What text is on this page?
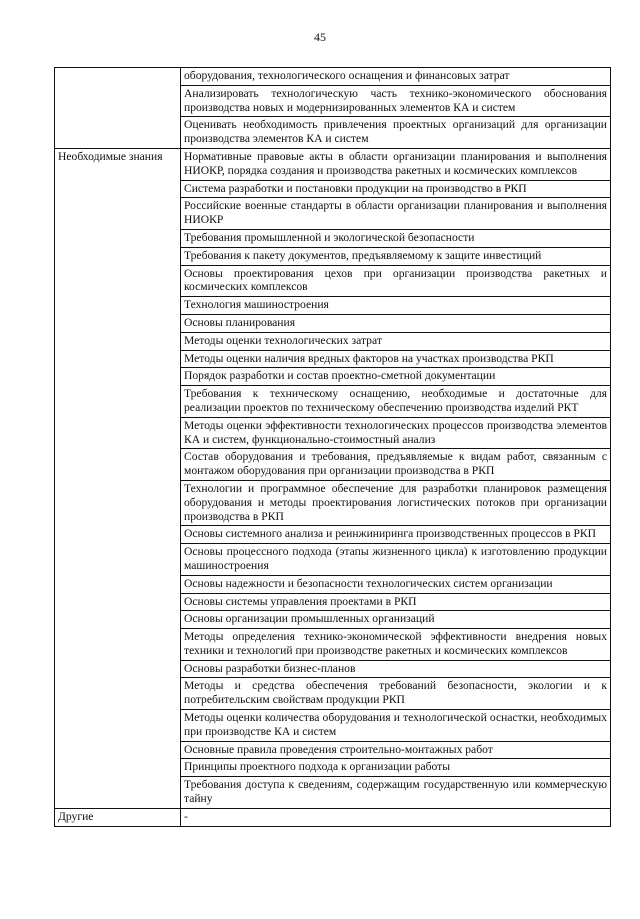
45
	оборудования, технологического оснащения и финансовых затрат
	Анализировать технологическую часть технико-экономического обоснования производства новых и модернизированных элементов КА и систем
	Оценивать необходимость привлечения проектных организаций для организации производства элементов КА и систем
Необходимые знания	Нормативные правовые акты в области организации планирования и выполнения НИОКР, порядка создания и производства ракетных и космических комплексов
	Система разработки и постановки продукции на производство в РКП
	Российские военные стандарты в области организации планирования и выполнения НИОКР
	Требования промышленной и экологической безопасности
	Требования к пакету документов, предъявляемому к защите инвестиций
	Основы проектирования цехов при организации производства ракетных и космических комплексов
	Технология машиностроения
	Основы планирования
	Методы оценки технологических затрат
	Методы оценки наличия вредных факторов на участках производства РКП
	Порядок разработки и состав проектно-сметной документации
	Требования к техническому оснащению, необходимые и достаточные для реализации проектов по техническому обеспечению производства изделий РКТ
	Методы оценки эффективности технологических процессов производства элементов КА и систем, функционально-стоимостный анализ
	Состав оборудования и требования, предъявляемые к видам работ, связанным с монтажом оборудования при организации производства в РКП
	Технологии и программное обеспечение для разработки планировок размещения оборудования и методы проектирования логистических потоков при организации производства в РКП
	Основы системного анализа и реинжиниринга производственных процессов в РКП
	Основы процессного подхода (этапы жизненного цикла) к изготовлению продукции машиностроения
	Основы надежности и безопасности технологических систем организации
	Основы системы управления проектами в РКП
	Основы организации промышленных организаций
	Методы определения технико-экономической эффективности внедрения новых техники и технологий при производстве ракетных и космических комплексов
	Основы разработки бизнес-планов
	Методы и средства обеспечения требований безопасности, экологии и к потребительским свойствам продукции РКП
	Методы оценки количества оборудования и технологической оснастки, необходимых при производстве КА и систем
	Основные правила проведения строительно-монтажных работ
	Принципы проектного подхода к организации работы
	Требования доступа к сведениям, содержащим государственную или коммерческую тайну
Другие	-
